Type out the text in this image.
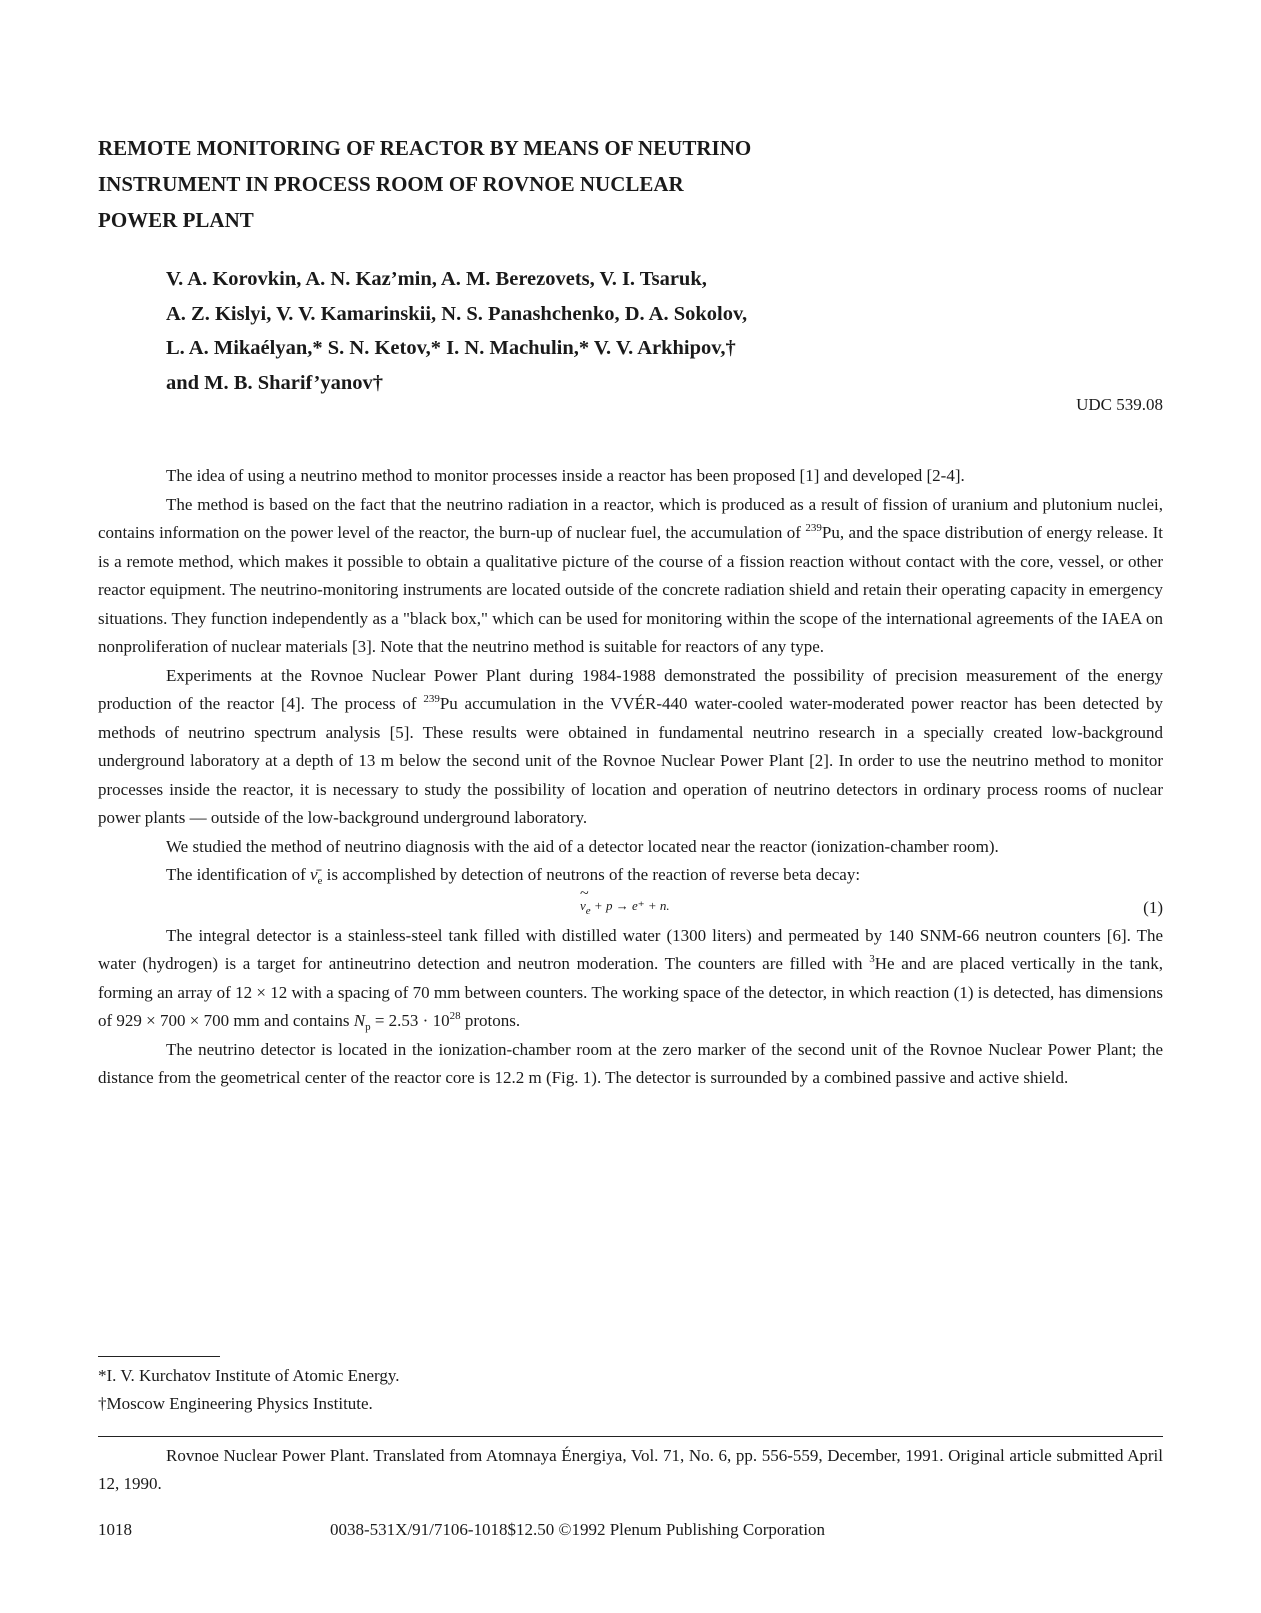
REMOTE MONITORING OF REACTOR BY MEANS OF NEUTRINO
INSTRUMENT IN PROCESS ROOM OF ROVNOE NUCLEAR
POWER PLANT
V. A. Korovkin, A. N. Kaz’min, A. M. Berezovets, V. I. Tsaruk,
A. Z. Kislyi, V. V. Kamarinskii, N. S. Panashchenko, D. A. Sokolov,
L. A. Mikaélyan,* S. N. Ketov,* I. N. Machulin,* V. V. Arkhipov,†
and M. B. Sharif’yanov†
UDC 539.08

The idea of using a neutrino method to monitor processes inside a reactor has been proposed [1] and developed [2-4].

The method is based on the fact that the neutrino radiation in a reactor, which is produced as a result of fission of uranium and plutonium nuclei, contains information on the power level of the reactor, the burn-up of nuclear fuel, the accumulation of $^{239}$Pu, and the space distribution of energy release. It is a remote method, which makes it possible to obtain a qualitative picture of the course of a fission reaction without contact with the core, vessel, or other reactor equipment. The neutrino-monitoring instruments are located outside of the concrete radiation shield and retain their operating capacity in emergency situations. They function independently as a "black box," which can be used for monitoring within the scope of the international agreements of the IAEA on nonproliferation of nuclear materials [3]. Note that the neutrino method is suitable for reactors of any type.

Experiments at the Rovnoe Nuclear Power Plant during 1984-1988 demonstrated the possibility of precision measurement of the energy production of the reactor [4]. The process of $^{239}$Pu accumulation in the VVÉR-440 water-cooled water-moderated power reactor has been detected by methods of neutrino spectrum analysis [5]. These results were obtained in fundamental neutrino research in a specially created low-background underground laboratory at a depth of 13 m below the second unit of the Rovnoe Nuclear Power Plant [2]. In order to use the neutrino method to monitor processes inside the reactor, it is necessary to study the possibility of location and operation of neutrino detectors in ordinary process rooms of nuclear power plants — outside of the low-background underground laboratory.

We studied the method of neutrino diagnosis with the aid of a detector located near the reactor (ionization-chamber room).

The identification of $\nū_e$ is accomplished by detection of neutrons of the reaction of reverse beta decay:

~ $\nu_e + p \to e^+ + n$.	(1)

The integral detector is a stainless-steel tank filled with distilled water (1300 liters) and permeated by 140 SNM-66 neutron counters [6]. The water (hydrogen) is a target for antineutrino detection and neutron moderation. The counters are filled with $^3$He and are placed vertically in the tank, forming an array of 12 × 12 with a spacing of 70 mm between counters. The working space of the detector, in which reaction (1) is detected, has dimensions of 929 × 700 × 700 mm and contains $N_p = 2.53 \cdot 10^{28}$ protons.

The neutrino detector is located in the ionization-chamber room at the zero marker of the second unit of the Rovnoe Nuclear Power Plant; the distance from the geometrical center of the reactor core is 12.2 m (Fig. 1). The detector is surrounded by a combined passive and active shield.

*I. V. Kurchatov Institute of Atomic Energy.

†Moscow Engineering Physics Institute.

Rovnoe Nuclear Power Plant. Translated from Atomnaya Énergiya, Vol. 71, No. 6, pp. 556-559, December, 1991. Original article submitted April 12, 1990.

1018	0038-531X/91/7106-1018$12.50 ©1992 Plenum Publishing Corporation
